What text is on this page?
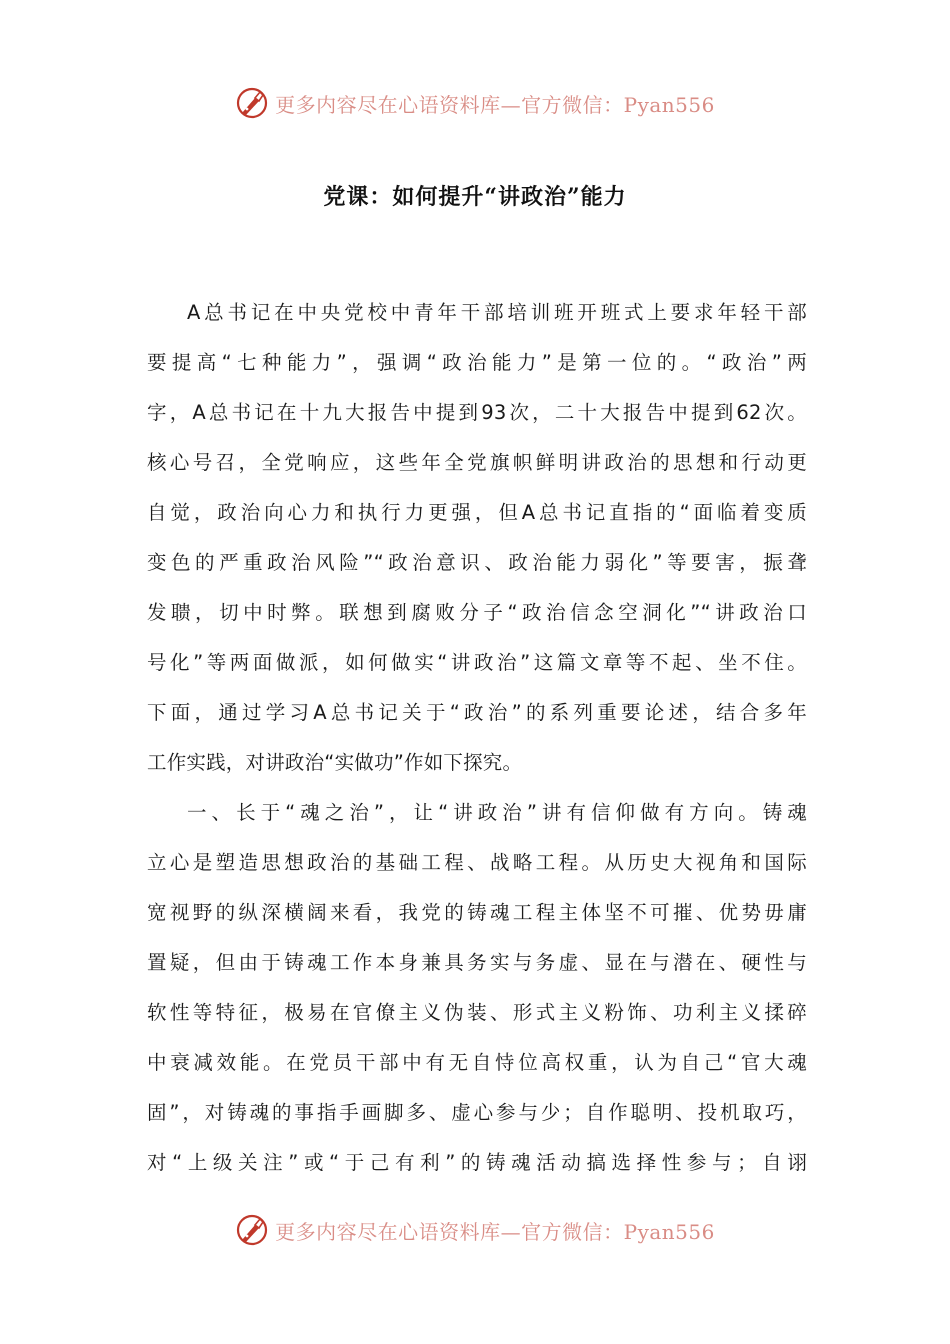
更多内容尽在心语资料库—官方微信：Pyan556
党课：如何提升“讲政治”能力
A总书记在中央党校中青年干部培训班开班式上要求年轻干部
要提高“七种能力”，强调“政治能力”是第一位的。“政治”两
字，A总书记在十九大报告中提到93次，二十大报告中提到62次。
核心号召，全党响应，这些年全党旗帜鲜明讲政治的思想和行动更
自觉，政治向心力和执行力更强，但A总书记直指的“面临着变质
变色的严重政治风险”“政治意识、政治能力弱化”等要害，振聋
发聩，切中时弊。联想到腐败分子“政治信念空洞化”“讲政治口
号化”等两面做派，如何做实“讲政治”这篇文章等不起、坐不住。
下面，通过学习A总书记关于“政治”的系列重要论述，结合多年
工作实践，对讲政治“实做功”作如下探究。
一、长于“魂之治”，让“讲政治”讲有信仰做有方向。铸魂
立心是塑造思想政治的基础工程、战略工程。从历史大视角和国际
宽视野的纵深横阔来看，我党的铸魂工程主体坚不可摧、优势毋庸
置疑，但由于铸魂工作本身兼具务实与务虚、显在与潜在、硬性与
软性等特征，极易在官僚主义伪装、形式主义粉饰、功利主义揉碎
中衰减效能。在党员干部中有无自恃位高权重，认为自己“官大魂
固”，对铸魂的事指手画脚多、虚心参与少；自作聪明、投机取巧，
对“上级关注”或“于己有利”的铸魂活动搞选择性参与；自诩
更多内容尽在心语资料库—官方微信：Pyan556
